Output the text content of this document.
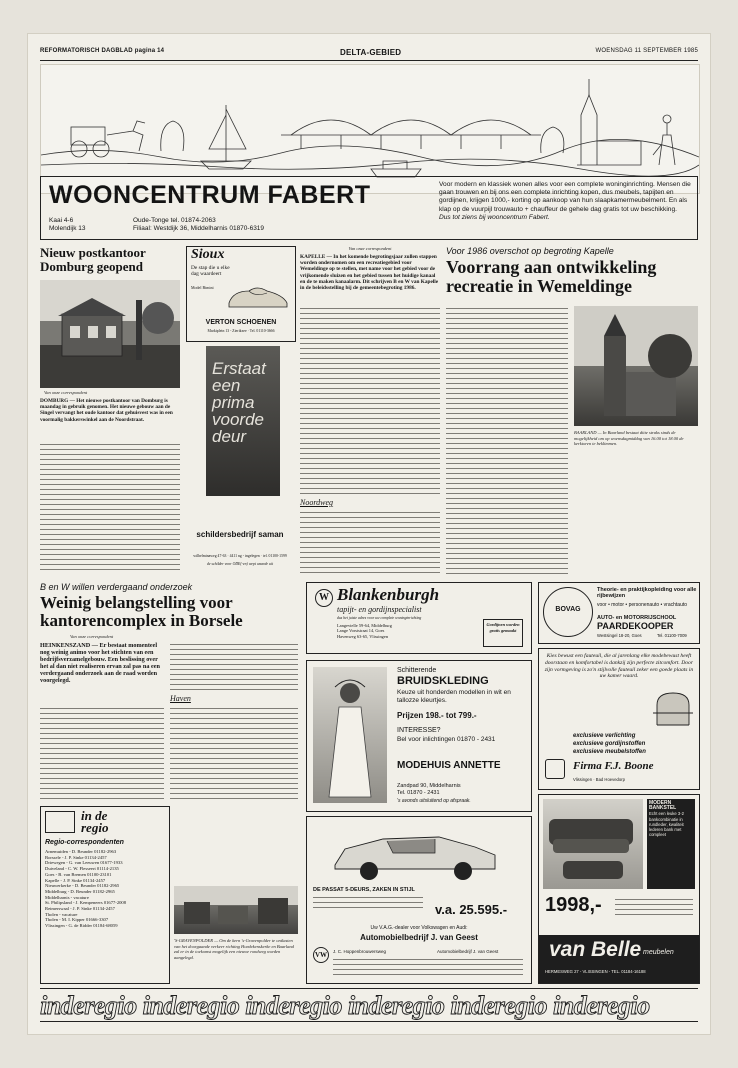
REFORMATORISCH DAGBLAD pagina 14	DELTA-GEBIED	WOENSDAG 11 SEPTEMBER 1985
WOONCENTRUM FABERT
Kaai 4-6
Molendijk 13
Oude-Tonge tel. 01874-2063
Filiaal: Westdijk 36, Middelharnis 01870-6319
Voor modern en klassiek wonen alles voor een complete woninginrichting. Mensen die gaan trouwen en bij ons een complete inrichting kopen, dus meubels, tapijten en gordijnen, krijgen 1000,- korting op aankoop van hun slaapkamermeubelment. En als klap op de vuurpijl trouwauto + chauffeur de gehele dag gratis tot uw beschikking.
Dus tot ziens bij wooncentrum Fabert.
Nieuw postkantoor Domburg geopend
Van onze correspondent
DOMBURG — Het nieuwe postkantoor van Domburg is maandag in gebruik genomen. Het nieuwe gebouw aan de Singel vervangt het oude kantoor dat gehuisvest was in een voormalig bakkerswinkel aan de Noordstraat.
Sioux
De stap die u elke dag waardeert
Model Bimini
VERTON SCHOENEN
Marktplein 13 - Zierikzee · Tel. 01110-3666
Erstaat een prima voorde deur
schildersbedrijf saman
wilhelminaweg 47-63 · 4411 ng - ingelegen · tel. 01100-1599
de schilder voor ODE(-en) wept waarde uit
Van onze correspondent
KAPELLE — In het komende begrotingsjaar zullen stappen worden ondernomen om een recreatiegebied voor Wemeldinge op te stellen, met name voor het gebied voor de vrijkomende sluizen en het gebied tussen het huidige kanaal en de te maken kanaalarm. Dit schrijven B en W van Kapelle in de beleidsstelling bij de gemeentebegroting 1986.
Noordweg
Voor 1986 overschot op begroting Kapelle
Voorrang aan ontwikkeling recreatie in Wemeldinge
BAARLAND — In Baarland bestaat ditte straks sinds de mogelijkheid om op woensdagmiddag van 16.00 tot 18.00 de kerktoren te beklimmen.
B en W willen verdergaand onderzoek
Weinig belangstelling voor kantorencomplex in Borsele
Van onze correspondent
HEINKENSZAND — Er bestaat momenteel nog weinig animo voor het stichten van een bedrijfsverzamelgebouw. Een beslissing over het al dan niet realiseren ervan zal pas na een verdergaand onderzoek aan de raad worden voorgelegd.
Haven
in de
regio
Regio-correspondenten
Arnemuiden - D. Beunder 01182-2963
Borssele - J. P. Sinke 01134-2457
Driewegen - G. van Leeuwen 01677-1933
Duiveland - C. W. Flesseert 01114-2135
Goes - B. van Bremen 01100-23101
Kapelle - J. P. Sinke 01134-2457
Nieuwerkerke - D. Beunder 01182-2965
Middelburg - D. Beunder 01182-2965
Middelharnis - vacature
St. Philipsland - J. Kempeneers 01677-2008
Reimerswaal - J. P. Sinke 01134-2457
Tholen - vacature
Tholen - M. I. Kipper 01666-3307
Vlissingen - G. de Ridder 01184-68059
'S-GRAVENPOLDER — Om de kern 's-Gravenpolder te ontlasten van het doorgaande verkeer richting Hoedekenskerke en Baarland zal er in de toekomst mogelijk een nieuwe rondweg worden aangelegd.
W Blankenburgh
tapijt- en gordijnspecialist
dus het juiste adres voor uw complete woninginrichting
Langevielle 59-64, Middelburg
Lange Vorststraat 14, Goes
Havenweg 63-65, Vlissingen
Gordijnen worden gratis gemaakt
Schitterende
BRUIDSKLEDING
Keuze uit honderden modellen in wit en tallozze kleurtjes.
Prijzen 198.- tot 799.-
INTERESSE?
Bel voor inlichtingen 01870 - 2431
MODEHUIS ANNETTE
Zandpad 90, Middelharnis
Tel. 01870 - 2431
's avonds uitsluitend op afspraak.
DE PASSAT 5-DEURS, ZAKEN IN STIJL
v.a. 25.595.-
Uw V.A.G.-dealer voor Volkswagen en Audi:
Automobielbedrijf J. van Geest
VW	J. C. Hoppenbrouwersweg	Automobielbedrijf J. van Geest
BOVAG
Theorie- en praktijkopleiding voor alle rijbewijzen
voor • motor • personenauto • vrachtauto
AUTO- en MOTORRIJSCHOOL
PAARDEKOOPER
Westsingel 18-20, Goes	Tel. 01100-7009
Kies bewust een fauteuil, die al jarenlang elke modebewust heeft doorstaan en komfortabel is dankzij zijn perfecte zitcomfort. Door zijn vormgeving is zo'n stijlvolle fauteuil zeker een goede plaats in uw kamer waard.
exclusieve verlichting
exclusieve gordijnstoffen
exclusieve meubelstoffen
Firma F.J. Boone
Vlissingen · Bad Hoevedorp
MODERN BANKSTEL
Echt een leuke 3-2 bankcombinatie in rundleder, kwaliteit lederen bank met compleet
1998,-
van Belle meubelen
HERMESWEG 27 - VLISSINGEN - TEL. 01184-16188
inderegio inderegio inderegio inderegio inderegio inderegio
